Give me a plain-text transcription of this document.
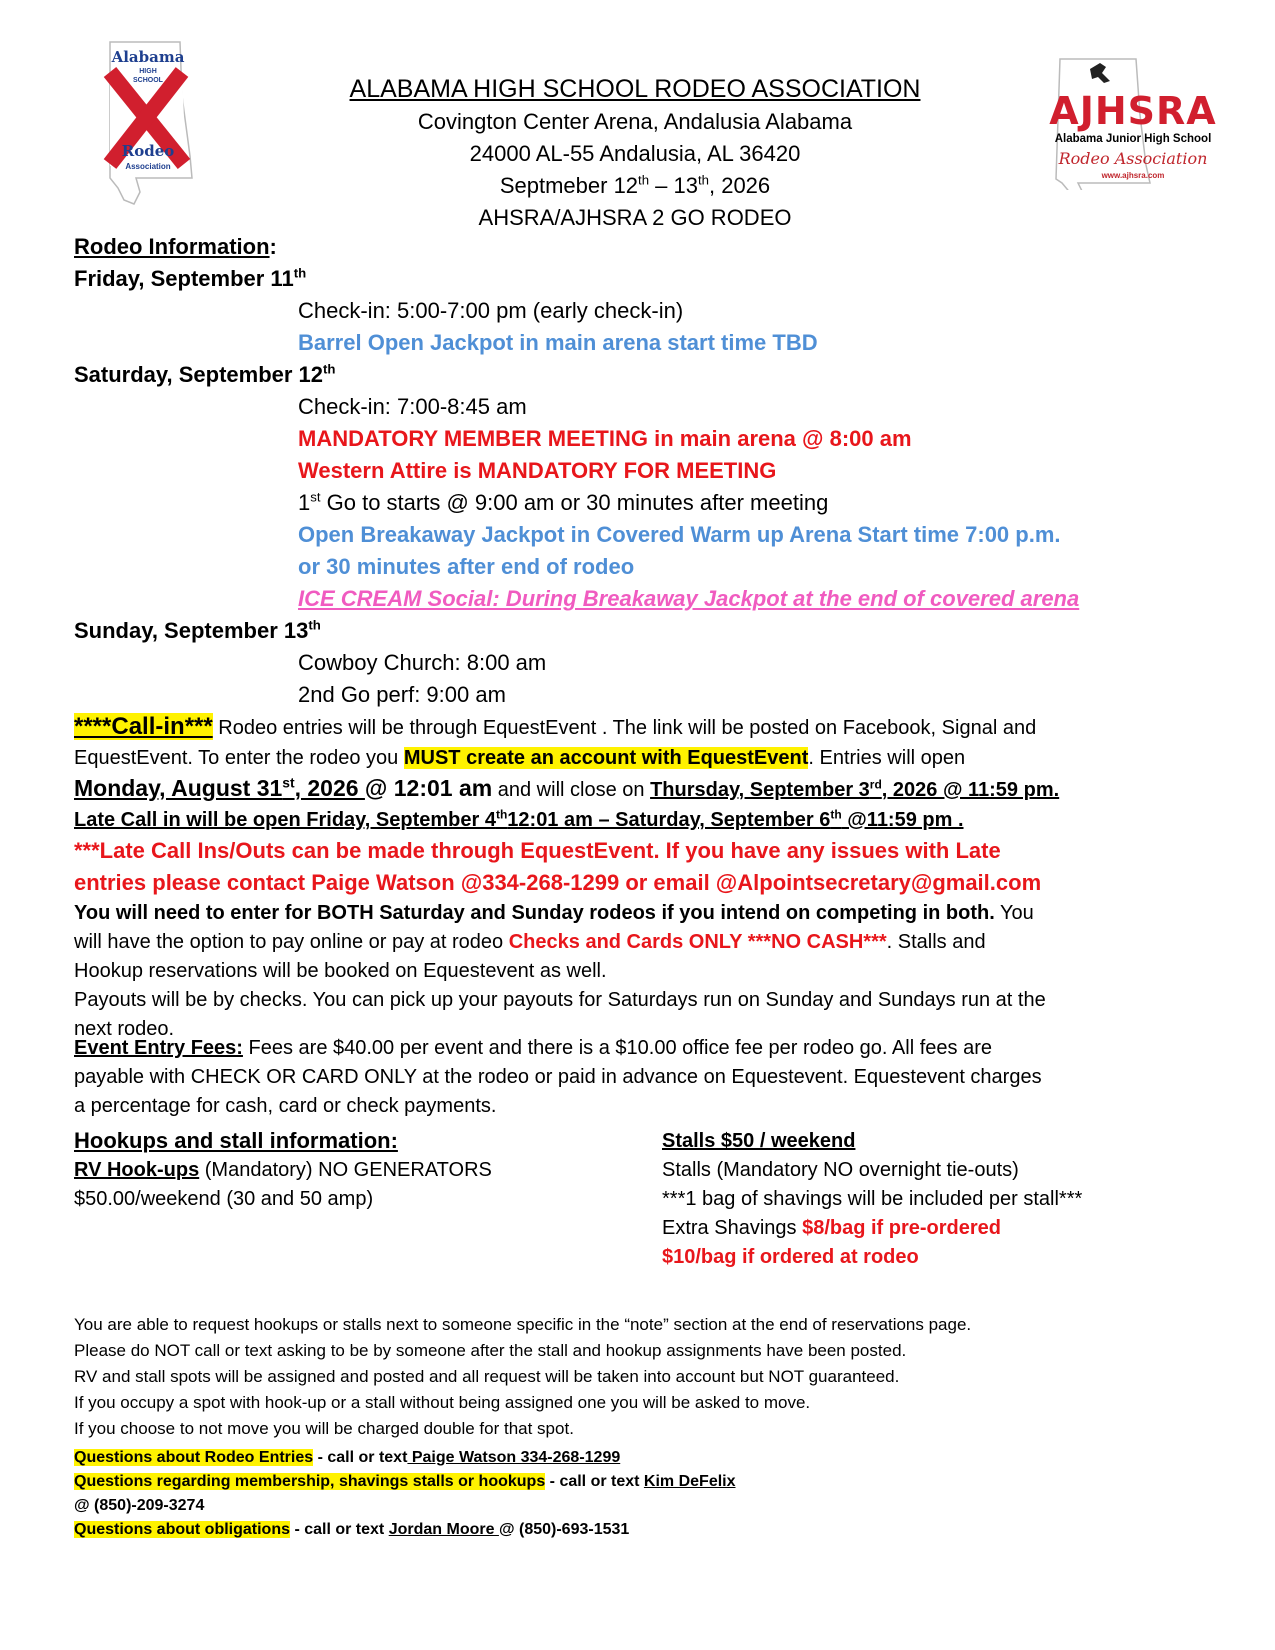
Alabama
HIGH
SCHOOL
Rodeo
Association
AJHSRA
Alabama Junior High School
Rodeo Association
www.ajhsra.com
ALABAMA HIGH SCHOOL RODEO ASSOCIATION
Covington Center Arena, Andalusia Alabama
24000 AL-55 Andalusia, AL 36420
Septmeber 12th – 13th, 2026
AHSRA/AJHSRA 2 GO RODEO
Rodeo Information:
Friday, September 11th
Check-in: 5:00-7:00 pm (early check-in)
Barrel Open Jackpot in main arena start time TBD
Saturday, September 12th
Check-in: 7:00-8:45 am
MANDATORY MEMBER MEETING in main arena @ 8:00 am
Western Attire is MANDATORY FOR MEETING
1st Go to starts @ 9:00 am or 30 minutes after meeting
Open Breakaway Jackpot in Covered Warm up Arena Start time 7:00 p.m.
or 30 minutes after end of rodeo
ICE CREAM Social: During Breakaway Jackpot at the end of covered arena
Sunday, September 13th
Cowboy Church: 8:00 am
2nd Go perf: 9:00 am
****Call-in*** Rodeo entries will be through EquestEvent . The link will be posted on Facebook, Signal and
EquestEvent. To enter the rodeo you MUST create an account with EquestEvent. Entries will open
Monday, August 31st, 2026 @ 12:01 am and will close on Thursday, September 3rd, 2026 @ 11:59 pm.
Late Call in will be open Friday, September 4th12:01 am – Saturday, September 6th @11:59 pm .
***Late Call Ins/Outs can be made through EquestEvent. If you have any issues with Late
entries please contact Paige Watson @334-268-1299 or email @Alpointsecretary@gmail.com
You will need to enter for BOTH Saturday and Sunday rodeos if you intend on competing in both. You
will have the option to pay online or pay at rodeo Checks and Cards ONLY ***NO CASH***. Stalls and
Hookup reservations will be booked on Equestevent as well.
Payouts will be by checks. You can pick up your payouts for Saturdays run on Sunday and Sundays run at the
next rodeo.
Event Entry Fees: Fees are $40.00 per event and there is a $10.00 office fee per rodeo go. All fees are
payable with CHECK OR CARD ONLY at the rodeo or paid in advance on Equestevent. Equestevent charges
a percentage for cash, card or check payments.
Hookups and stall information:
RV Hook-ups (Mandatory) NO GENERATORS
$50.00/weekend (30 and 50 amp)
Stalls $50 / weekend
Stalls (Mandatory NO overnight tie-outs)
***1 bag of shavings will be included per stall***
Extra Shavings $8/bag if pre-ordered
$10/bag if ordered at rodeo
You are able to request hookups or stalls next to someone specific in the “note” section at the end of reservations page.
Please do NOT call or text asking to be by someone after the stall and hookup assignments have been posted.
RV and stall spots will be assigned and posted and all request will be taken into account but NOT guaranteed.
If you occupy a spot with hook-up or a stall without being assigned one you will be asked to move.
If you choose to not move you will be charged double for that spot.
Questions about Rodeo Entries - call or text Paige Watson 334-268-1299
Questions regarding membership, shavings stalls or hookups - call or text Kim DeFelix
@ (850)-209-3274
Questions about obligations - call or text Jordan Moore @ (850)-693-1531
